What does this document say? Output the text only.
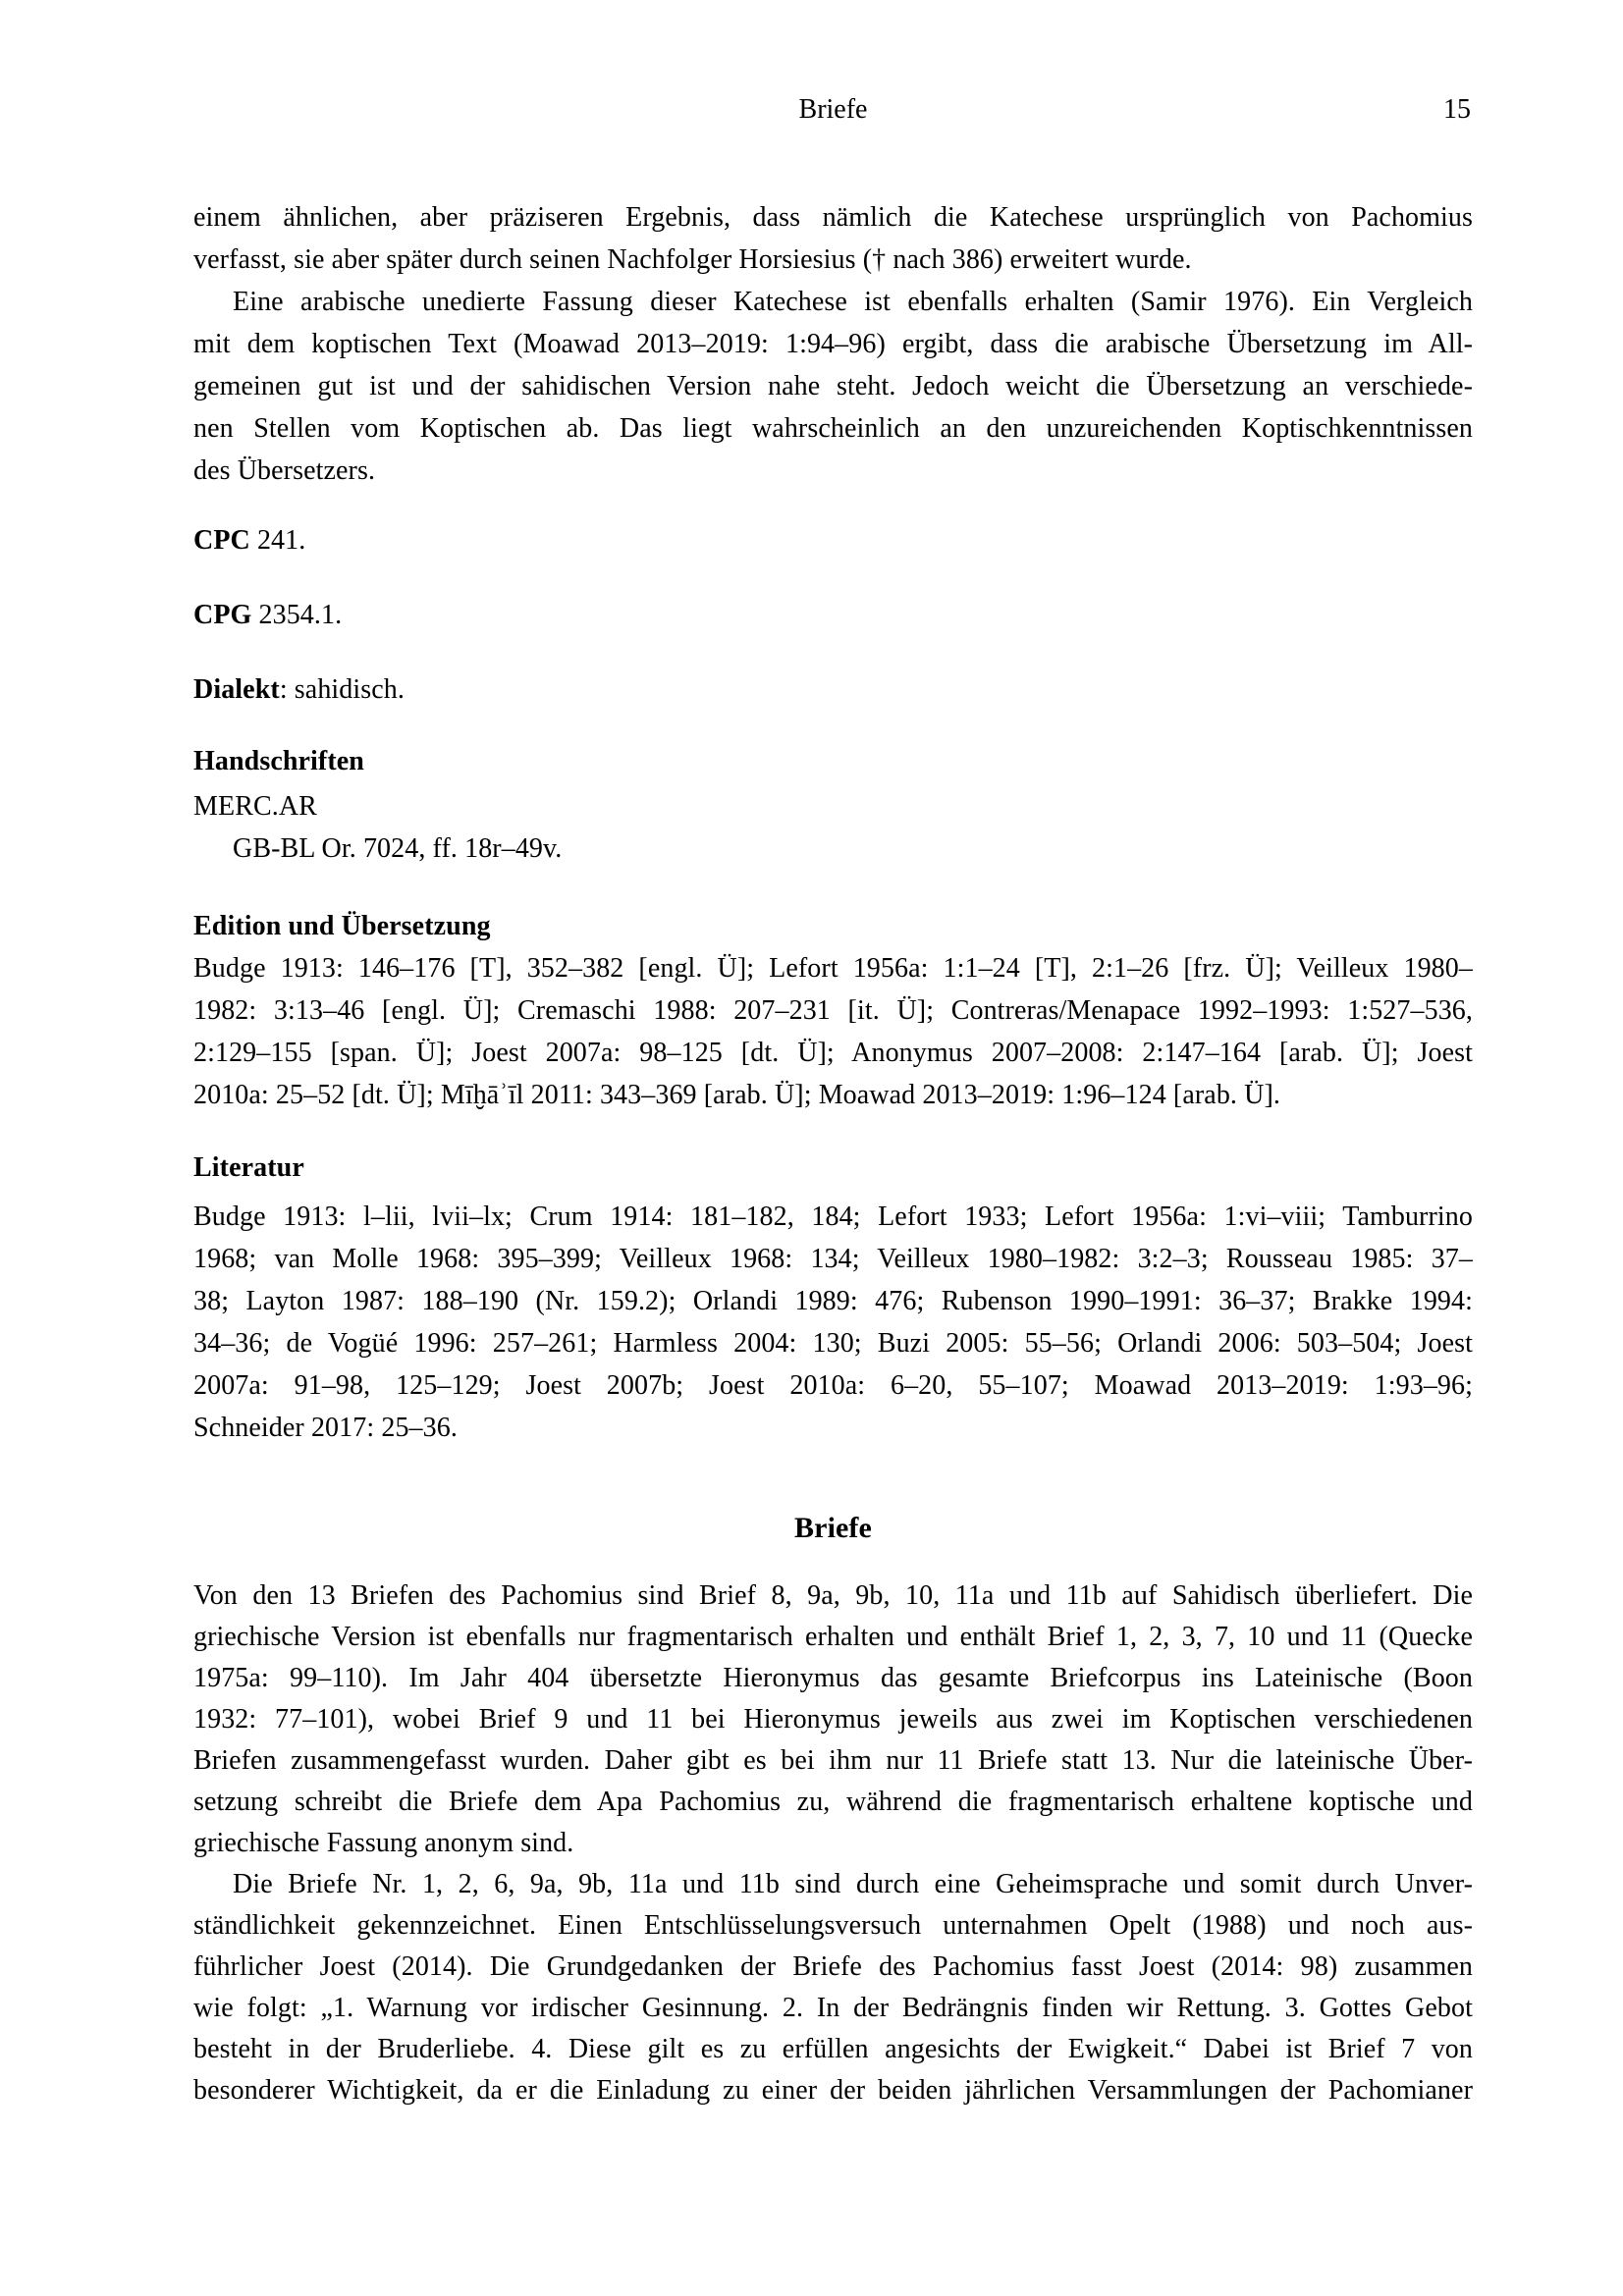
Briefe	15
einem ähnlichen, aber präziseren Ergebnis, dass nämlich die Katechese ursprünglich von Pachomius
verfasst, sie aber später durch seinen Nachfolger Horsiesius († nach 386) erweitert wurde.
Eine arabische unedierte Fassung dieser Katechese ist ebenfalls erhalten (Samir 1976). Ein Vergleich
mit dem koptischen Text (Moawad 2013–2019: 1:94–96) ergibt, dass die arabische Übersetzung im All-
gemeinen gut ist und der sahidischen Version nahe steht. Jedoch weicht die Übersetzung an verschiede-
nen Stellen vom Koptischen ab. Das liegt wahrscheinlich an den unzureichenden Koptischkenntnissen
des Übersetzers.
CPC 241.
CPG 2354.1.
Dialekt: sahidisch.
Handschriften
MERC.AR
GB-BL Or. 7024, ff. 18r–49v.
Edition und Übersetzung
Budge 1913: 146–176 [T], 352–382 [engl. Ü]; Lefort 1956a: 1:1–24 [T], 2:1–26 [frz. Ü]; Veilleux 1980–
1982: 3:13–46 [engl. Ü]; Cremaschi 1988: 207–231 [it. Ü]; Contreras/Menapace 1992–1993: 1:527–536,
2:129–155 [span. Ü]; Joest 2007a: 98–125 [dt. Ü]; Anonymus 2007–2008: 2:147–164 [arab. Ü]; Joest
2010a: 25–52 [dt. Ü]; Mīḫāʾīl 2011: 343–369 [arab. Ü]; Moawad 2013–2019: 1:96–124 [arab. Ü].
Literatur
Budge 1913: l–lii, lvii–lx; Crum 1914: 181–182, 184; Lefort 1933; Lefort 1956a: 1:vi–viii; Tamburrino
1968; van Molle 1968: 395–399; Veilleux 1968: 134; Veilleux 1980–1982: 3:2–3; Rousseau 1985: 37–
38; Layton 1987: 188–190 (Nr. 159.2); Orlandi 1989: 476; Rubenson 1990–1991: 36–37; Brakke 1994:
34–36; de Vogüé 1996: 257–261; Harmless 2004: 130; Buzi 2005: 55–56; Orlandi 2006: 503–504; Joest
2007a: 91–98, 125–129; Joest 2007b; Joest 2010a: 6–20, 55–107; Moawad 2013–2019: 1:93–96;
Schneider 2017: 25–36.
Briefe
Von den 13 Briefen des Pachomius sind Brief 8, 9a, 9b, 10, 11a und 11b auf Sahidisch überliefert. Die
griechische Version ist ebenfalls nur fragmentarisch erhalten und enthält Brief 1, 2, 3, 7, 10 und 11 (Quecke
1975a: 99–110). Im Jahr 404 übersetzte Hieronymus das gesamte Briefcorpus ins Lateinische (Boon
1932: 77–101), wobei Brief 9 und 11 bei Hieronymus jeweils aus zwei im Koptischen verschiedenen
Briefen zusammengefasst wurden. Daher gibt es bei ihm nur 11 Briefe statt 13. Nur die lateinische Über-
setzung schreibt die Briefe dem Apa Pachomius zu, während die fragmentarisch erhaltene koptische und
griechische Fassung anonym sind.
Die Briefe Nr. 1, 2, 6, 9a, 9b, 11a und 11b sind durch eine Geheimsprache und somit durch Unver-
ständlichkeit gekennzeichnet. Einen Entschlüsselungsversuch unternahmen Opelt (1988) und noch aus-
führlicher Joest (2014). Die Grundgedanken der Briefe des Pachomius fasst Joest (2014: 98) zusammen
wie folgt: „1. Warnung vor irdischer Gesinnung. 2. In der Bedrängnis finden wir Rettung. 3. Gottes Gebot
besteht in der Bruderliebe. 4. Diese gilt es zu erfüllen angesichts der Ewigkeit.“ Dabei ist Brief 7 von
besonderer Wichtigkeit, da er die Einladung zu einer der beiden jährlichen Versammlungen der Pachomianer
